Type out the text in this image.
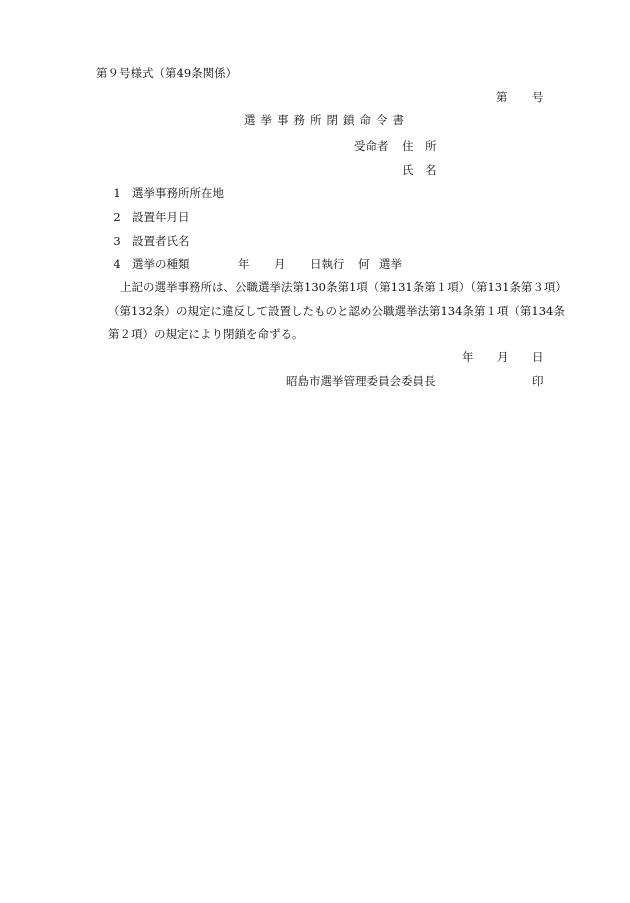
第９号様式（第49条関係）
第 号
選挙事務所閉鎖命令書
受命者 住　所
氏　名
1 選挙事務所所在地
2 設置年月日
3 設置者氏名
4 選挙の種類	年 月 日執行 何 選挙
上記の選挙事務所は、公職選挙法第130条第1項（第131条第１項）（第131条第３項）
（第132条）の規定に違反して設置したものと認め公職選挙法第134条第１項（第134条
第２項）の規定により閉鎖を命ずる。
年 月 日
昭島市選挙管理委員会委員長	印
